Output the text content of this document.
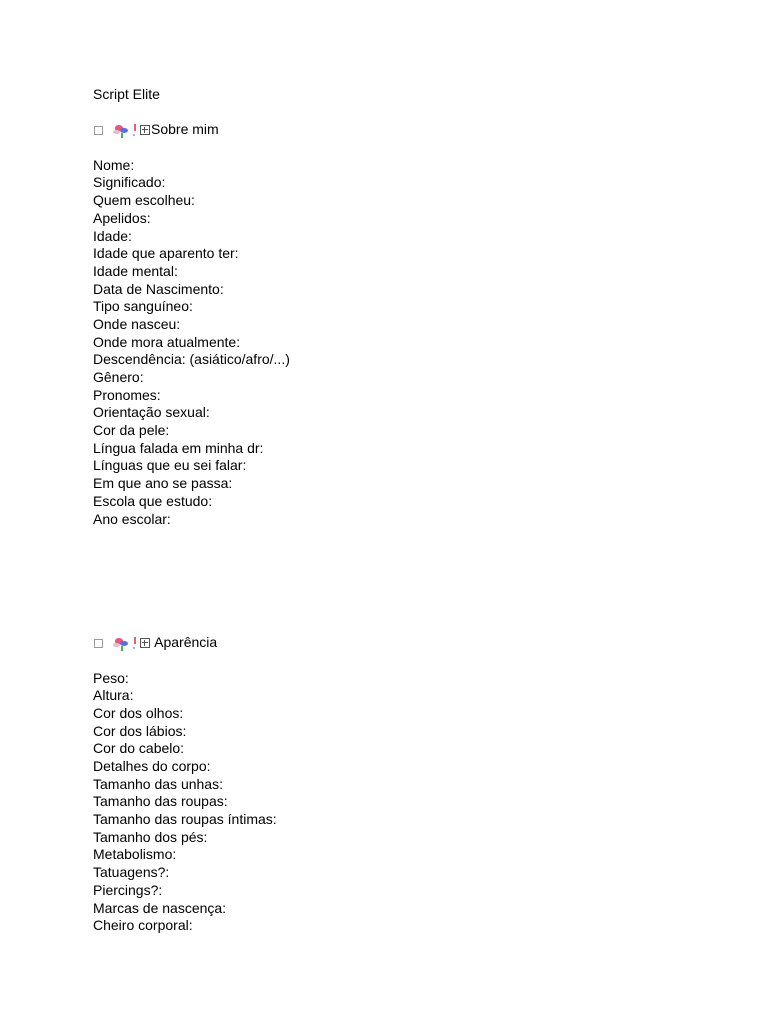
Script Elite
Sobre mim
Nome:
Significado:
Quem escolheu:
Apelidos:
Idade:
Idade que aparento ter:
Idade mental:
Data de Nascimento:
Tipo sanguíneo:
Onde nasceu:
Onde mora atualmente:
Descendência: (asiático/afro/...)
Gênero:
Pronomes:
Orientação sexual:
Cor da pele:
Língua falada em minha dr:
Línguas que eu sei falar:
Em que ano se passa:
Escola que estudo:
Ano escolar:
Aparência
Peso:
Altura:
Cor dos olhos:
Cor dos lábios:
Cor do cabelo:
Detalhes do corpo:
Tamanho das unhas:
Tamanho das roupas:
Tamanho das roupas íntimas:
Tamanho dos pés:
Metabolismo:
Tatuagens?:
Piercings?:
Marcas de nascença:
Cheiro corporal:
